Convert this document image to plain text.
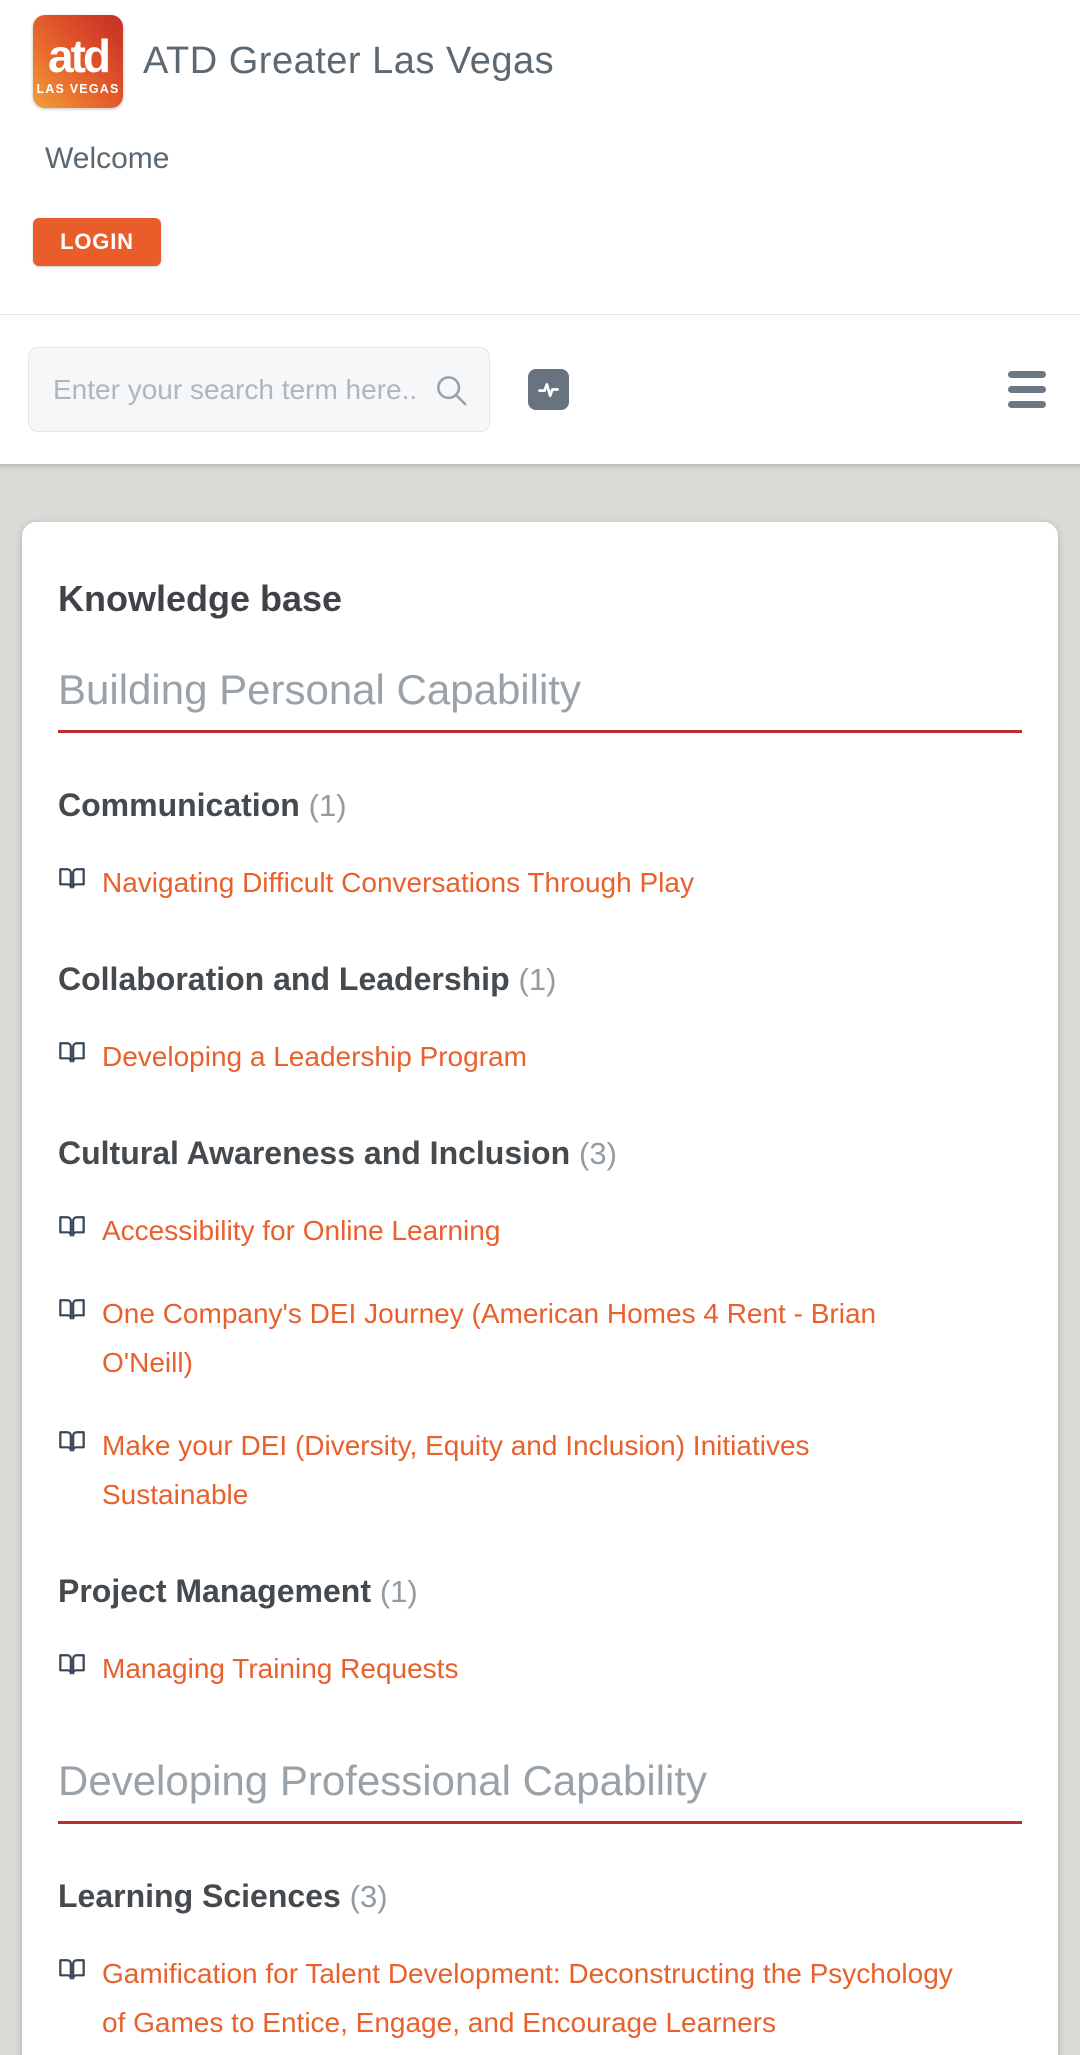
atd
LAS VEGAS
ATD Greater Las Vegas
Welcome
LOGIN
Enter your search term here...
Knowledge base
Building Personal Capability
Communication (1)
Navigating Difficult Conversations Through Play
Collaboration and Leadership (1)
Developing a Leadership Program
Cultural Awareness and Inclusion (3)
Accessibility for Online Learning
One Company's DEI Journey (American Homes 4 Rent - Brian O'Neill)
Make your DEI (Diversity, Equity and Inclusion) Initiatives Sustainable
Project Management (1)
Managing Training Requests
Developing Professional Capability
Learning Sciences (3)
Gamification for Talent Development: Deconstructing the Psychology of Games to Entice, Engage, and Encourage Learners
